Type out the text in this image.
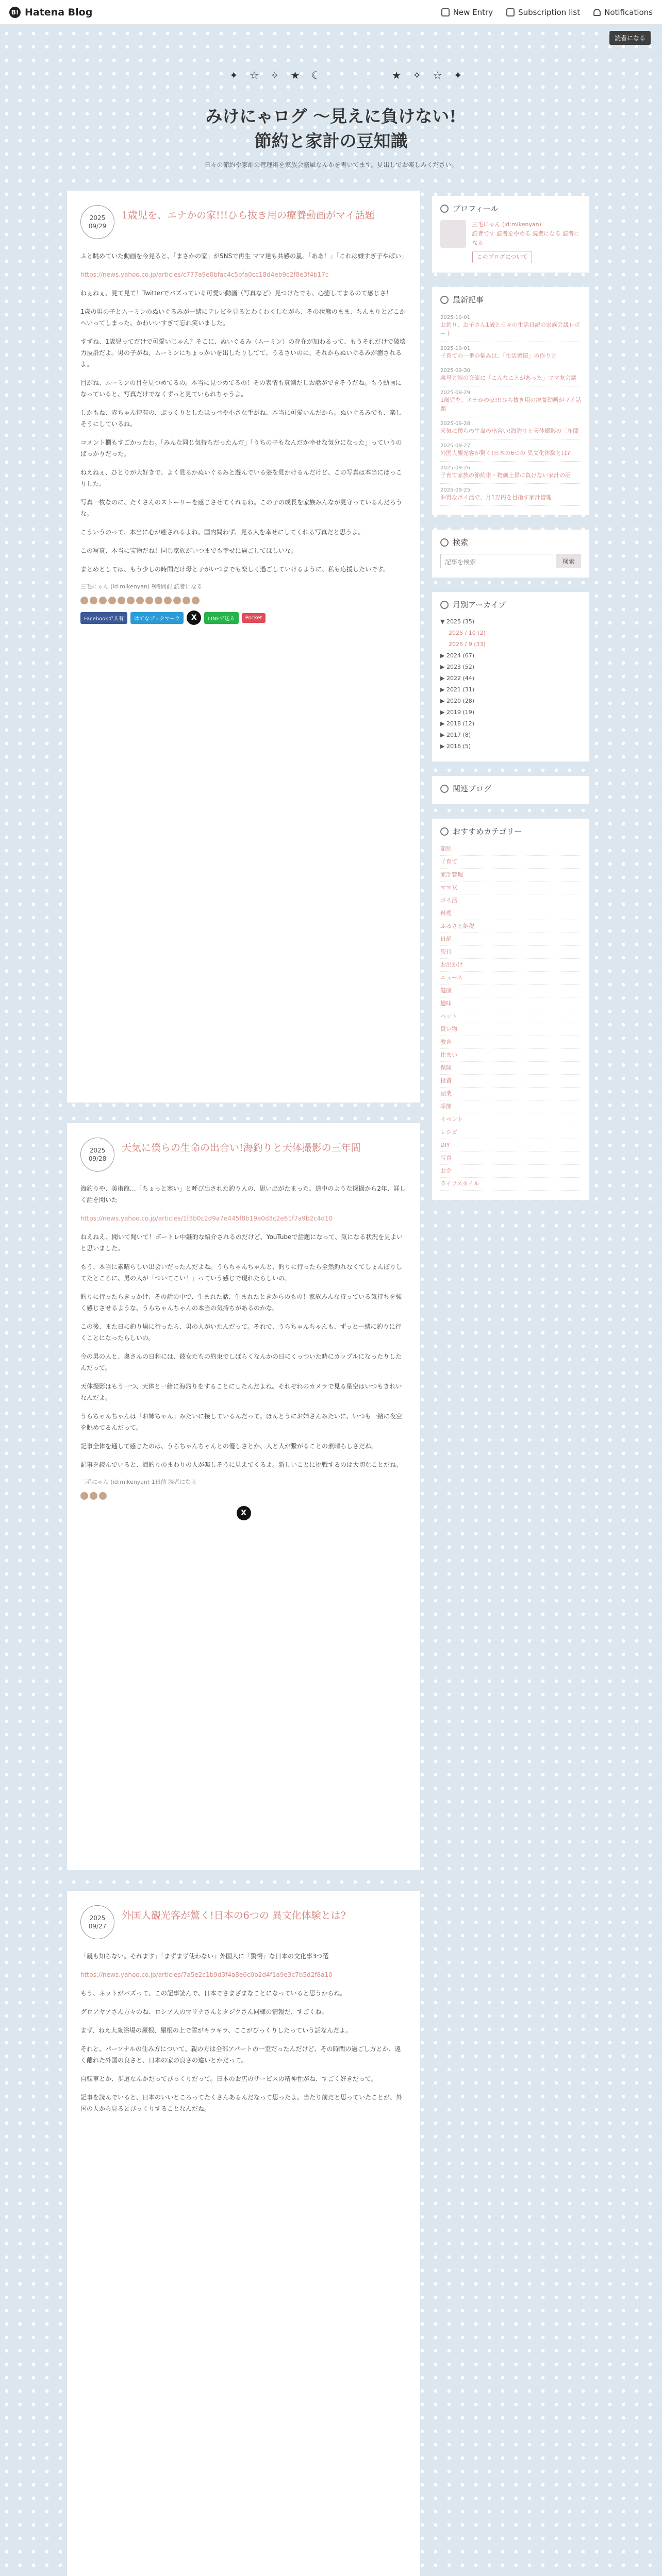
B! Hatena Blog	New Entry	Subscription list	Notifications
読者になる
✦ ☆ ✧ ★ ☾	★ ✧ ☆ ✦
みけにゃログ 〜見えに負けない!節約と家計の豆知識
日々の節約や家計の管理術を家族会議風なんかを書いてます。見出しでお楽しみください。
2025
09/29
1歳児を、エナかの家!!!ひら抜き用の療養動画がマイ話題

ふと眺めていた動画を今見ると、「まさかの家」がSNSで再生 ママ達も共感の嵐。「ああ！」「これは嫌すぎ子やばい」

https://news.yahoo.co.jp/articles/c777a9e0bfac4c5bfa0cc18d4eb9c2f8e3f4b17c

ねぇねぇ、見て見て！Twitterでバズっている可愛い動画（写真など）見つけたでも、心癒してまるのて感じさ！

1歳の男の子とムーミンのぬいぐるみが一緒にテレビを見るとわくわくしながら、その状態のまま、ちんまりとどこかへいってしまった、かわいいすぎて忘れ笑いました。

すずね、1歳児ってだけで可愛いじゃん？そこに、ぬいぐるみ（ムーミン）の存在が加わるって、もうそれだけで破壊力抜群だよ。男の子がね、ムーミンにちょっかいを出したりしてて、うるさいのに、それからぬいぐるみが癒されるよ。

目がね、ムーミンの目を見つめてるの。本当に見つめてるの！その表情も真剣だしお話ができそうだね。もう動画になっていると、写真だけでなくずっと見ていられちゃうよ。

しかもね、赤ちゃん特有の、ぷっくりとしたほっぺや小さな手がね、本当に可愛いんだから。ぬいぐるみでも、楽しそうにしているね。

コメント欄もすごかったわ。「みんな同じ気持ちだったんだ」「うちの子もなんだか幸せな気分になった」っていうのばっかりだった。

ねえねぇ、ひとりが大好きで、よく見るかぬいぐるみと遊んでいる姿を見かけるんだけど、この写真は本当にほっこりした。

写真一枚なのに、たくさんのストーリーを感じさせてくれるね。この子の成長を家族みんなが見守っているんだろうな。

こういうのって、本当に心が癒されるよね。国内問わず、見る人を幸せにしてくれる写真だと思うよ。

この写真、本当に宝物だね！同じ家族がいつまでも幸せに過ごしてほしいな。

まとめとしては、もう少しの時間だけ母と子がいつまでも楽しく過ごしていけるように、私も応援したいです。

三毛にゃん (id:mikenyan) 9時間前 読者になる
Facebookで共有	はてなブックマーク	X	LINEで送る	Pocket
2025
09/28
天気に僕らの生命の出合い!海釣りと天体撮影の三年間

海釣りや、美術館…「ちょっと寒い」と呼び出された釣り人の、思い出がたまった。道中のような探撮から2年、詳しく話を聞いた

https://news.yahoo.co.jp/articles/1f3b0c2d9a7e445f8b19a0d3c2e61f7a9b2c4d10

ねえねえ、聞いて聞いて！ボートレ中継的な紹介されるのだけど、YouTubeで話題になって、気になる状況を見よいと思いました。

もう、本当に素晴らしい出会いだったんだよね。うらちゃんちゃんと、釣りに行ったら全然釣れなくてしょんぼりしてたところに、男の人が「ついてこい！」っていう感じで現れたらしいの。

釣りに行ったらきっかけ、その話の中で、生まれた話、生まれたときからのもの！家族みんな持っている気持ちを強く感じさせるような、うらちゃんちゃんの本当の気持ちがあるのかな。

この後、また日に釣り場に行ったら、男の人がいたんだって。それで、うらちゃんちゃんも、ずっと一緒に釣りに行くことになったらしいの。

今の男の人と、奥さんの日和には、彼女たちの約束でしばらくなんかの日にくっついた時にカップルになったりしたんだって。

天体撮影はもう一つ、天体と一緒に海釣りをすることにしたんだよね。それぞれのカメラで見る星空はいつもきれいなんだよ。

うらちゃんちゃんは「お姉ちゃん」みたいに接しているんだって。ほんとうにお姉さんみたいに、いつも一緒に夜空を眺めてるんだって。

記事全体を通して感じたのは、うらちゃんちゃんとの優しさとか、人と人が繋がることの素晴らしさだね。

記事を読んでいると、海釣りのまわりの人が楽しそうに見えてくるよ。新しいことに挑戦するのは大切なことだね。

三毛にゃん (id:mikenyan) 1日前 読者になる
X
2025
09/27
外国人観光客が驚く!日本の6つの 異文化体験とは?

「親も知らない。それます」「まずまず使わない」外国人に「驚愕」な日本の文化事3つ選

https://news.yahoo.co.jp/articles/7a5e2c1b9d3f4a8e6c0b2d4f1a9e3c7b5d2f8a10

もう、ネットがバズって、この記事読んで、日本でさまざまなことになっていると思うからね。

グロアヤアさん方々のね、ロシア人のマリナさんとタジクさん同様の情報だ、すごくね。

まず、ねえ大衆浴場の屋根、屋根の上で雪がキラキラ、ここがびっくりしたっていう話なんだよ。

それと、パーソナルの住み方について、親の方は全部アパートの一室だったんだけど、その時間の過ごし方とか、遠く離れた外国の良さと、日本の家の良さの違いとかだって。

自転車とか、歩道なんかだってびっくりだって。日本のお店のサービスの精神性がね、すごく好きだって。

記事を読んでいると、日本のいいところってたくさんあるんだなって思ったよ。当たり前だと思っていたことが、外国の人から見るとびっくりすることなんだね。

プロフィール
三毛にゃん (id:mikenyan)
読者です 読者をやめる 読者になる 読者になる
このブログについて
最新記事
2025-10-01
お釣り、お子さん1歳と日々の生活日記の家族会議レポート
2025-10-01
子育ての一番の悩みは、「生活習慣」の作り方
2025-09-30
義母と嫁の交流に「こんなことがあった」ママ友会議
2025-09-29
1歳児を、エナかの家!!!ひら抜き用の療養動画がマイ話題
2025-09-28
天気に僕らの生命の出合い!海釣りと天体撮影の三年間
2025-09-27
外国人観光客が驚く!日本の6つの 異文化体験とは?
2025-09-26
子育て家族の節約術・物価上昇に負けない家計の話
2025-09-25
お得なポイ活で、月1万円を目指す家計管理
検索
記事を検索	検索
月別アーカイブ
▼ 2025 (35)
2025 / 10 (2)
2025 / 9 (33)
▶ 2024 (67)
▶ 2023 (52)
▶ 2022 (44)
▶ 2021 (31)
▶ 2020 (28)
▶ 2019 (19)
▶ 2018 (12)
▶ 2017 (8)
▶ 2016 (5)
関連ブログ
おすすめカテゴリー
節約
子育て
家計管理
ママ友
ポイ活
料理
ふるさと納税
日記
旅行
お出かけ
ニュース
健康
趣味
ペット
買い物
教育
住まい
保険
投資
副業
季節
イベント
レシピ
DIY
写真
お金
ライフスタイル
